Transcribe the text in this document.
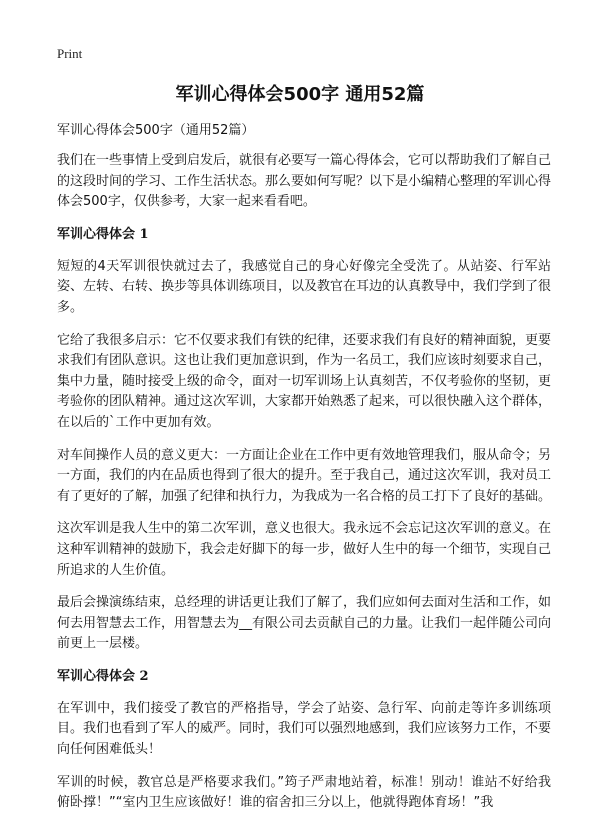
Print
军训心得体会500字 通用52篇
军训心得体会500字（通用52篇）
我们在一些事情上受到启发后，就很有必要写一篇心得体会，它可以帮助我们了解自己的这段时间的学习、工作生活状态。那么要如何写呢？以下是小编精心整理的军训心得体会500字，仅供参考，大家一起来看看吧。
军训心得体会 1
短短的4天军训很快就过去了，我感觉自己的身心好像完全受洗了。从站姿、行军站姿、左转、右转、换步等具体训练项目，以及教官在耳边的认真教导中，我们学到了很多。
它给了我很多启示：它不仅要求我们有铁的纪律，还要求我们有良好的精神面貌，更要求我们有团队意识。这也让我们更加意识到，作为一名员工，我们应该时刻要求自己，集中力量，随时接受上级的命令，面对一切军训场上认真刻苦，不仅考验你的坚韧，更考验你的团队精神。通过这次军训，大家都开始熟悉了起来，可以很快融入这个群体，在以后的`工作中更加有效。
对车间操作人员的意义更大：一方面让企业在工作中更有效地管理我们，服从命令；另一方面，我们的内在品质也得到了很大的提升。至于我自己，通过这次军训，我对员工有了更好的了解，加强了纪律和执行力，为我成为一名合格的员工打下了良好的基础。
这次军训是我人生中的第二次军训，意义也很大。我永远不会忘记这次军训的意义。在这种军训精神的鼓励下，我会走好脚下的每一步，做好人生中的每一个细节，实现自己所追求的人生价值。
最后会操演练结束，总经理的讲话更让我们了解了，我们应如何去面对生活和工作，如何去用智慧去工作，用智慧去为__有限公司去贡献自己的力量。让我们一起伴随公司向前更上一层楼。
军训心得体会 2
在军训中，我们接受了教官的严格指导，学会了站姿、急行军、向前走等许多训练项目。我们也看到了军人的威严。同时，我们可以强烈地感到，我们应该努力工作，不要向任何困难低头！
军训的时候，教官总是严格要求我们。”筠子严肃地站着，标准！别动！谁站不好给我俯卧撑！”“室内卫生应该做好！谁的宿舍扣三分以上，他就得跑体育场！”我
